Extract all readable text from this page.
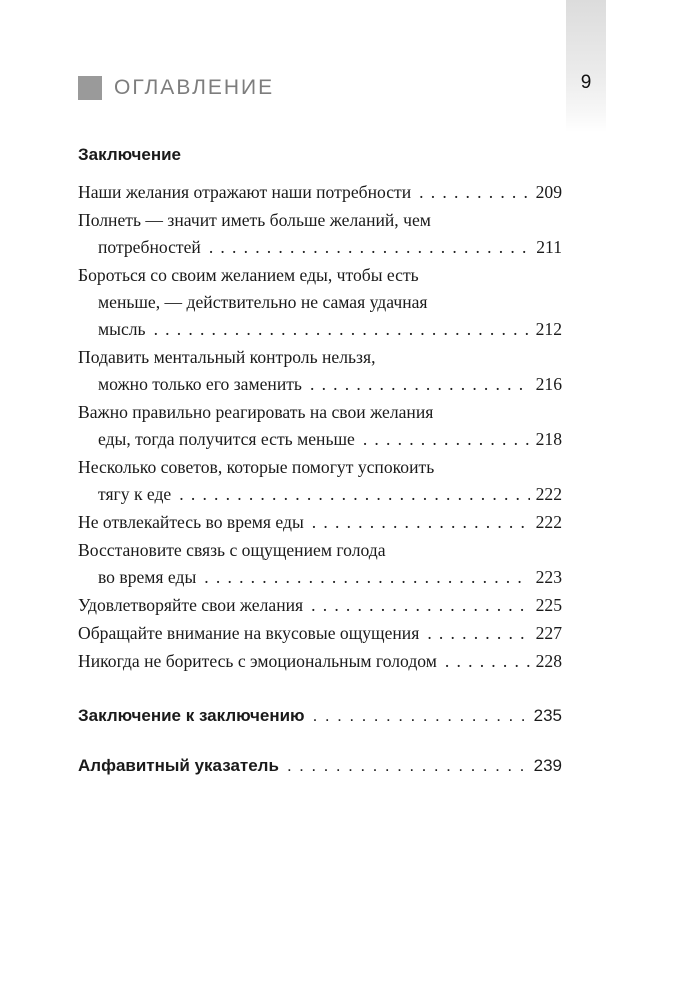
9
ОГЛАВЛЕНИЕ
Заключение
Наши желания отражают наши потребности . . .	209
Полнеть — значит иметь больше желаний, чем
потребностей . . .	211
Бороться со своим желанием еды, чтобы есть
меньше, — действительно не самая удачная
мысль . . .	212
Подавить ментальный контроль нельзя,
можно только его заменить . . .	216
Важно правильно реагировать на свои желания
еды, тогда получится есть меньше . . .	218
Несколько советов, которые помогут успокоить
тягу к еде . . .	222
Не отвлекайтесь во время еды . . .	222
Восстановите связь с ощущением голода
во время еды . . .	223
Удовлетворяйте свои желания . . .	225
Обращайте внимание на вкусовые ощущения . . .	227
Никогда не боритесь с эмоциональным голодом . . .	228
Заключение к заключению . . .	235
Алфавитный указатель . . .	239
